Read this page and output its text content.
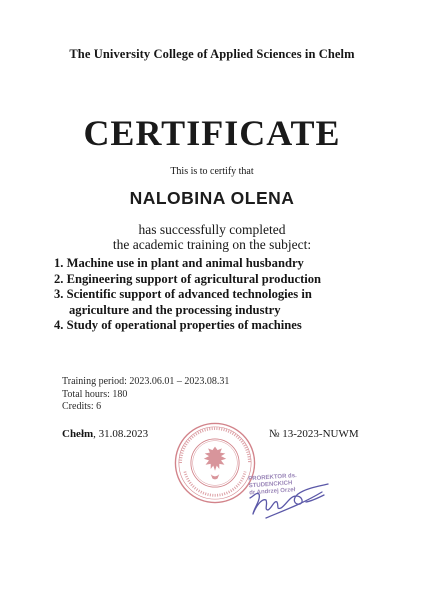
The University College of Applied Sciences in Chelm
CERTIFICATE
This is to certify that
NALOBINA OLENA
has successfully completed
the academic training on the subject:
1. Machine use in plant and animal husbandry
2. Engineering support of agricultural production
3. Scientific support of advanced technologies in
agriculture and the processing industry
4. Study of operational properties of machines
Training period: 2023.06.01 – 2023.08.31
Total hours: 180
Credits: 6
Chełm, 31.08.2023	№ 13-2023-NUWM
PROREKTOR ds. STUDENCKICH
dr Andrzej Orzeł
